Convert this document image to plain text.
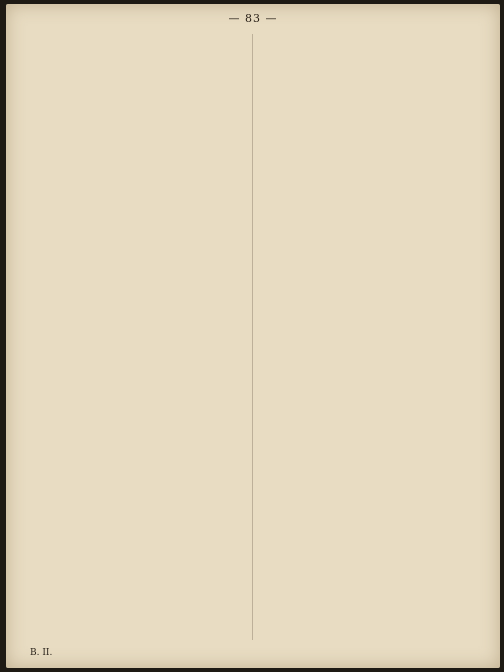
— 83 —
B. II.
